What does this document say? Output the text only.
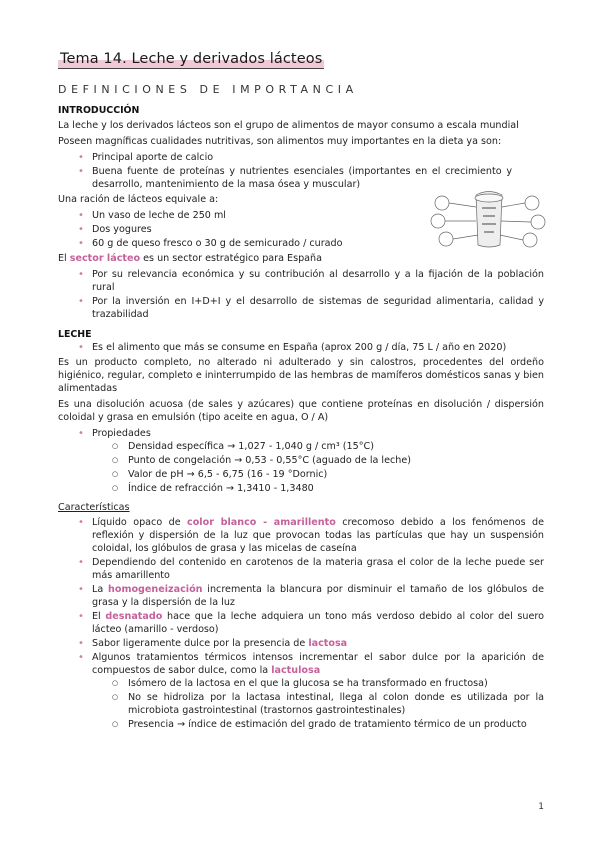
Tema 14. Leche y derivados lácteos
DEFINICIONES DE IMPORTANCIA
INTRODUCCIÓN

La leche y los derivados lácteos son el grupo de alimentos de mayor consumo a escala mundial

Poseen magníficas cualidades nutritivas, son alimentos muy importantes en la dieta ya son:

• Principal aporte de calcio
• Buena fuente de proteínas y nutrientes esenciales (importantes en el crecimiento y desarrollo, mantenimiento de la masa ósea y muscular)

Una ración de lácteos equivale a:

• Un vaso de leche de 250 ml
• Dos yogures
• 60 g de queso fresco o 30 g de semicurado / curado

El sector lácteo es un sector estratégico para España

• Por su relevancia económica y su contribución al desarrollo y a la fijación de la población rural
• Por la inversión en I+D+I y el desarrollo de sistemas de seguridad alimentaria, calidad y trazabilidad
LECHE
• Es el alimento que más se consume en España (aprox 200 g / día, 75 L / año en 2020)

Es un producto completo, no alterado ni adulterado y sin calostros, procedentes del ordeño higiénico, regular, completo e ininterrumpido de las hembras de mamíferos domésticos sanas y bien alimentadas

Es una disolución acuosa (de sales y azúcares) que contiene proteínas en disolución / dispersión coloidal y grasa en emulsión (tipo aceite en agua, O / A)

• Propiedades
○ Densidad específica → 1,027 - 1,040 g / cm³ (15°C)
○ Punto de congelación → 0,53 - 0,55°C (aguado de la leche)
○ Valor de pH → 6,5 - 6,75 (16 - 19 °Dornic)
○ Índice de refracción → 1,3410 - 1,3480
Características
• Líquido opaco de color blanco - amarillento crecomoso debido a los fenómenos de reflexión y dispersión de la luz que provocan todas las partículas que hay un suspensión coloidal, los glóbulos de grasa y las micelas de caseína
• Dependiendo del contenido en carotenos de la materia grasa el color de la leche puede ser más amarillento
• La homogeneización incrementa la blancura por disminuir el tamaño de los glóbulos de grasa y la dispersión de la luz
• El desnatado hace que la leche adquiera un tono más verdoso debido al color del suero lácteo (amarillo - verdoso)
• Sabor ligeramente dulce por la presencia de lactosa
• Algunos tratamientos térmicos intensos incrementar el sabor dulce por la aparición de compuestos de sabor dulce, como la lactulosa
○ Isómero de la lactosa en el que la glucosa se ha transformado en fructosa)
○ No se hidroliza por la lactasa intestinal, llega al colon donde es utilizada por la microbiota gastrointestinal (trastornos gastrointestinales)
○ Presencia → índice de estimación del grado de tratamiento térmico de un producto
1
